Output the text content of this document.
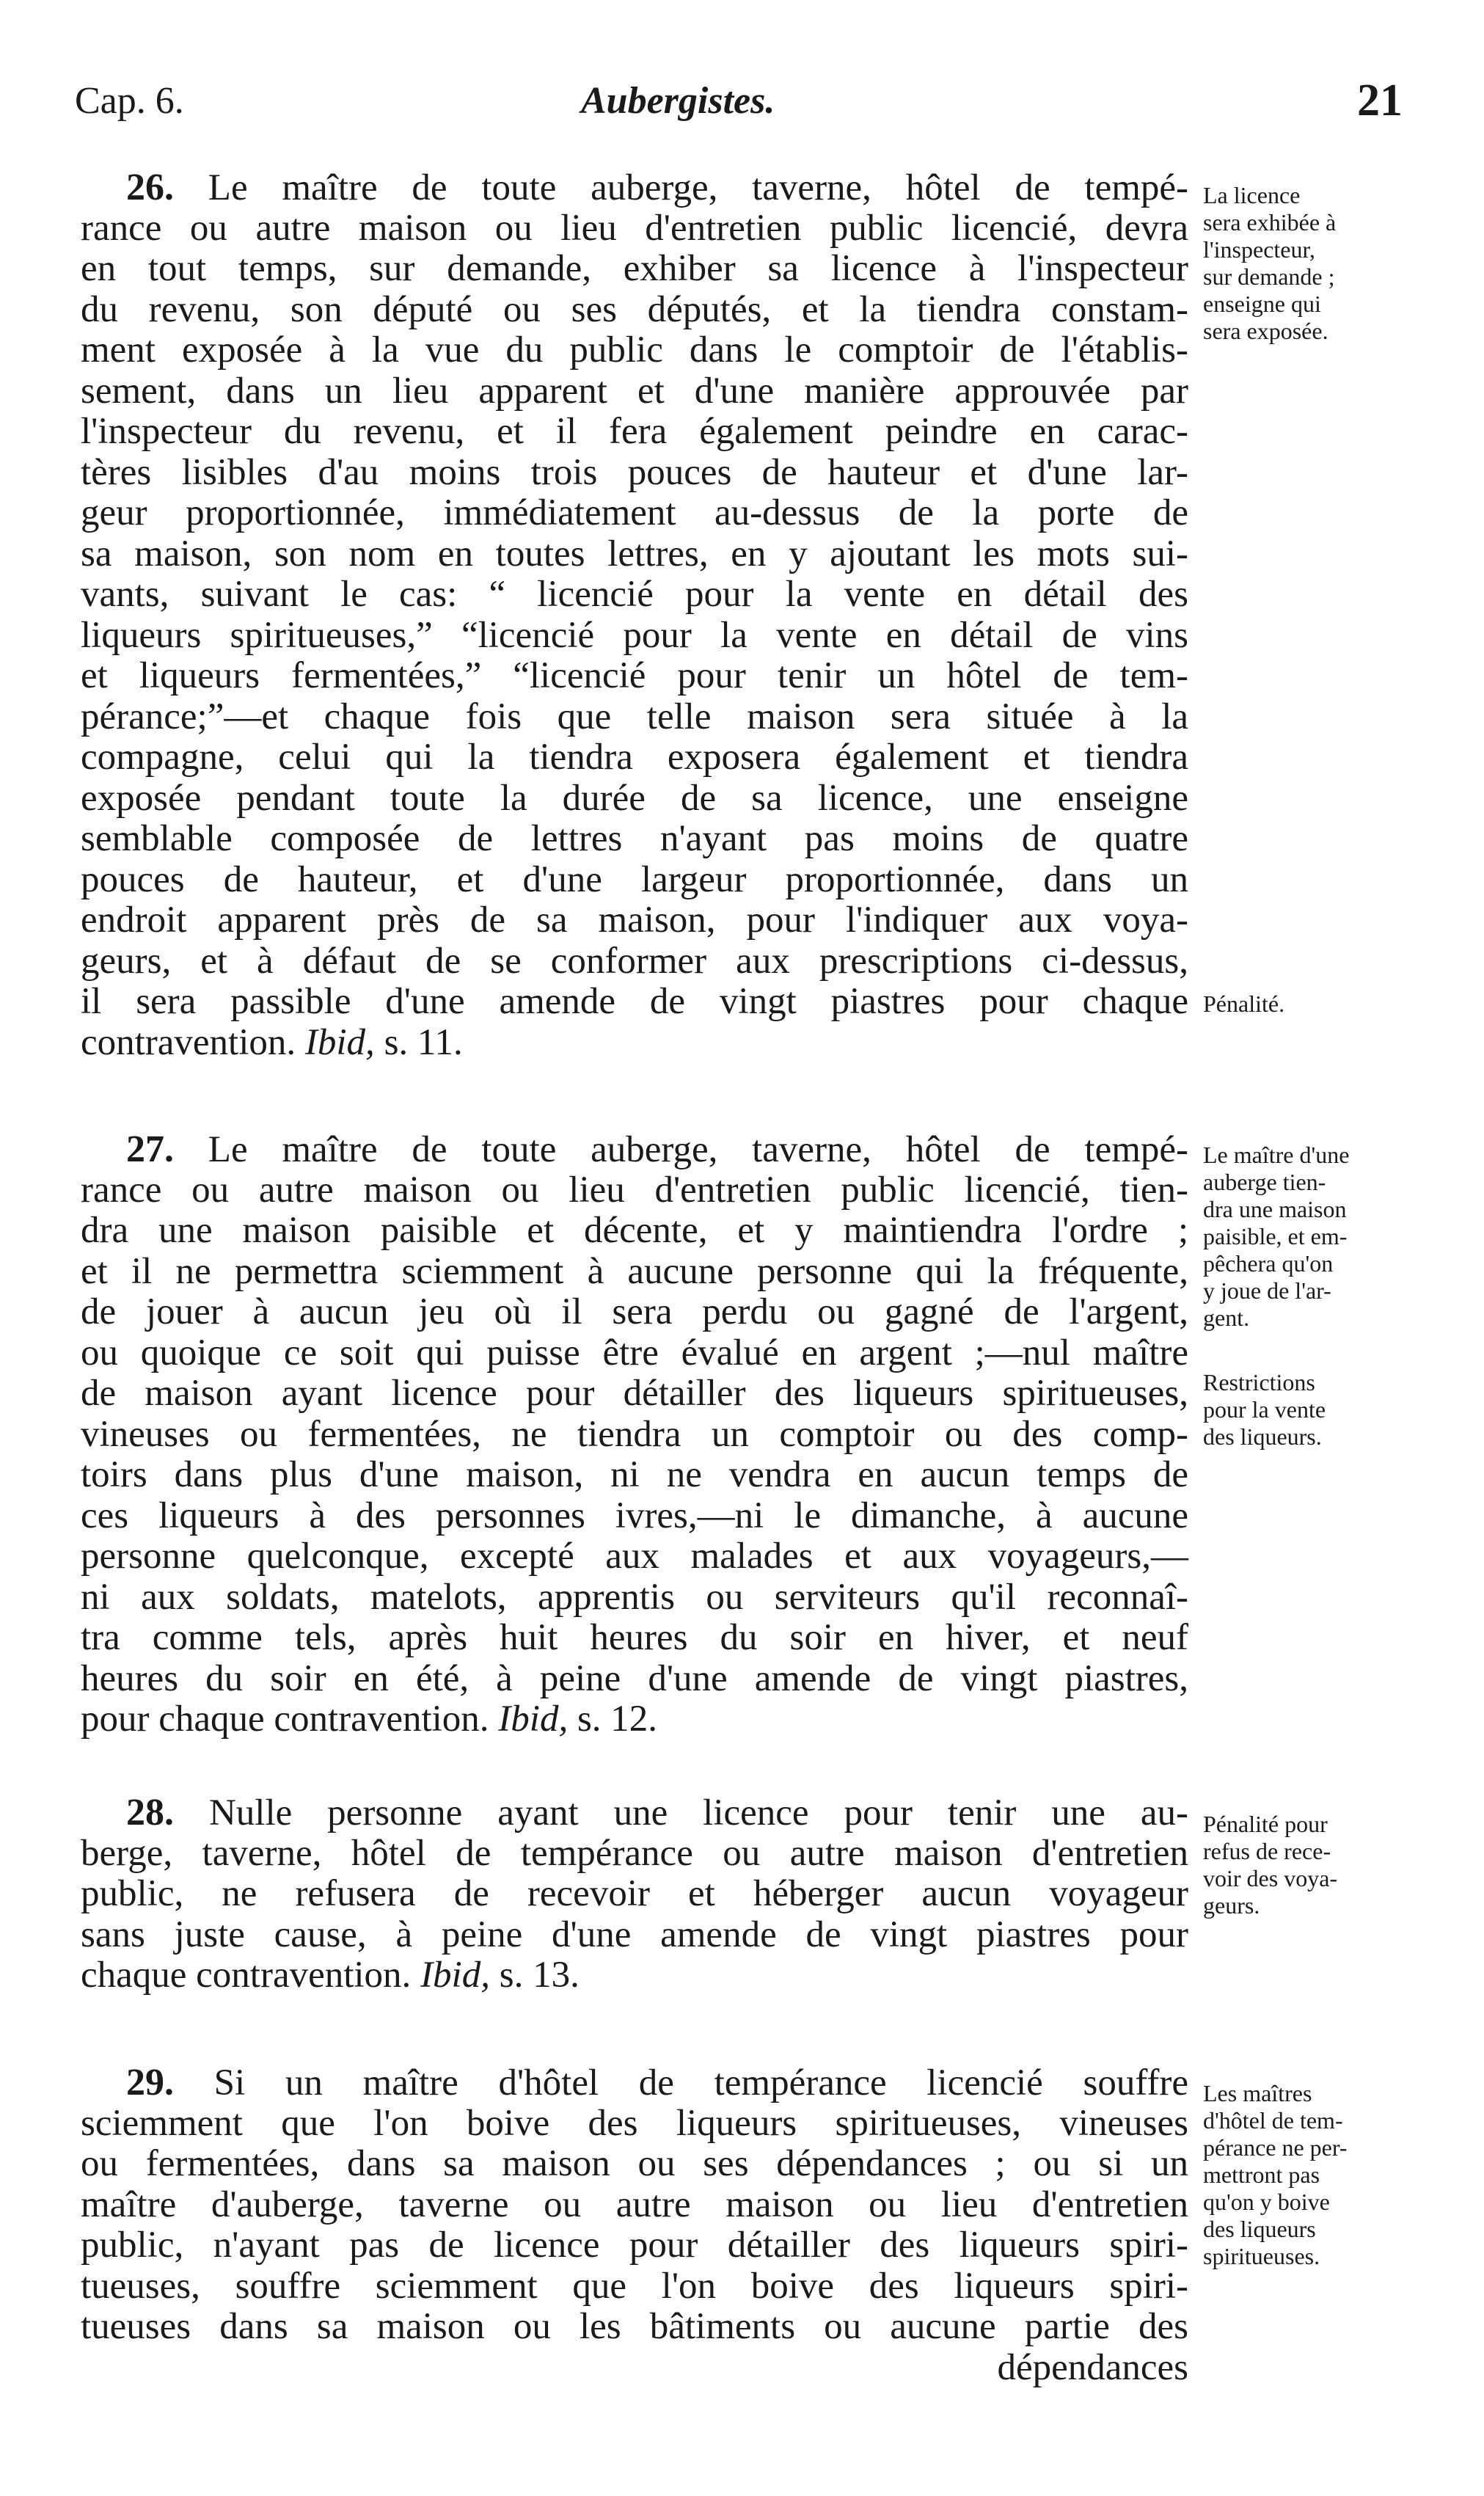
Cap. 6.	Aubergistes.	21
26. Le maître de toute auberge, taverne, hôtel de tempé-
rance ou autre maison ou lieu d'entretien public licencié, devra
en tout temps, sur demande, exhiber sa licence à l'inspecteur
du revenu, son député ou ses députés, et la tiendra constam-
ment exposée à la vue du public dans le comptoir de l'établis-
sement, dans un lieu apparent et d'une manière approuvée par
l'inspecteur du revenu, et il fera également peindre en carac-
tères lisibles d'au moins trois pouces de hauteur et d'une lar-
geur proportionnée, immédiatement au-dessus de la porte de
sa maison, son nom en toutes lettres, en y ajoutant les mots sui-
vants, suivant le cas: “ licencié pour la vente en détail des
liqueurs spiritueuses,” “licencié pour la vente en détail de vins
et liqueurs fermentées,” “licencié pour tenir un hôtel de tem-
pérance;”—et chaque fois que telle maison sera située à la
compagne, celui qui la tiendra exposera également et tiendra
exposée pendant toute la durée de sa licence, une enseigne
semblable composée de lettres n'ayant pas moins de quatre
pouces de hauteur, et d'une largeur proportionnée, dans un
endroit apparent près de sa maison, pour l'indiquer aux voya-
geurs, et à défaut de se conformer aux prescriptions ci-dessus,
il sera passible d'une amende de vingt piastres pour chaque
contravention. Ibid, s. 11.
27. Le maître de toute auberge, taverne, hôtel de tempé-
rance ou autre maison ou lieu d'entretien public licencié, tien-
dra une maison paisible et décente, et y maintiendra l'ordre ;
et il ne permettra sciemment à aucune personne qui la fréquente,
de jouer à aucun jeu où il sera perdu ou gagné de l'argent,
ou quoique ce soit qui puisse être évalué en argent ;—nul maître
de maison ayant licence pour détailler des liqueurs spiritueuses,
vineuses ou fermentées, ne tiendra un comptoir ou des comp-
toirs dans plus d'une maison, ni ne vendra en aucun temps de
ces liqueurs à des personnes ivres,—ni le dimanche, à aucune
personne quelconque, excepté aux malades et aux voyageurs,—
ni aux soldats, matelots, apprentis ou serviteurs qu'il reconnaî-
tra comme tels, après huit heures du soir en hiver, et neuf
heures du soir en été, à peine d'une amende de vingt piastres,
pour chaque contravention. Ibid, s. 12.
28. Nulle personne ayant une licence pour tenir une au-
berge, taverne, hôtel de tempérance ou autre maison d'entretien
public, ne refusera de recevoir et héberger aucun voyageur
sans juste cause, à peine d'une amende de vingt piastres pour
chaque contravention. Ibid, s. 13.
29. Si un maître d'hôtel de tempérance licencié souffre
sciemment que l'on boive des liqueurs spiritueuses, vineuses
ou fermentées, dans sa maison ou ses dépendances ; ou si un
maître d'auberge, taverne ou autre maison ou lieu d'entretien
public, n'ayant pas de licence pour détailler des liqueurs spiri-
tueuses, souffre sciemment que l'on boive des liqueurs spiri-
tueuses dans sa maison ou les bâtiments ou aucune partie des
dépendances
La licence
sera exhibée à
l'inspecteur,
sur demande ;
enseigne qui
sera exposée.
Pénalité.
Le maître d'une
auberge tien-
dra une maison
paisible, et em-
pêchera qu'on
y joue de l'ar-
gent.
Restrictions
pour la vente
des liqueurs.
Pénalité pour
refus de rece-
voir des voya-
geurs.
Les maîtres
d'hôtel de tem-
pérance ne per-
mettront pas
qu'on y boive
des liqueurs
spiritueuses.
